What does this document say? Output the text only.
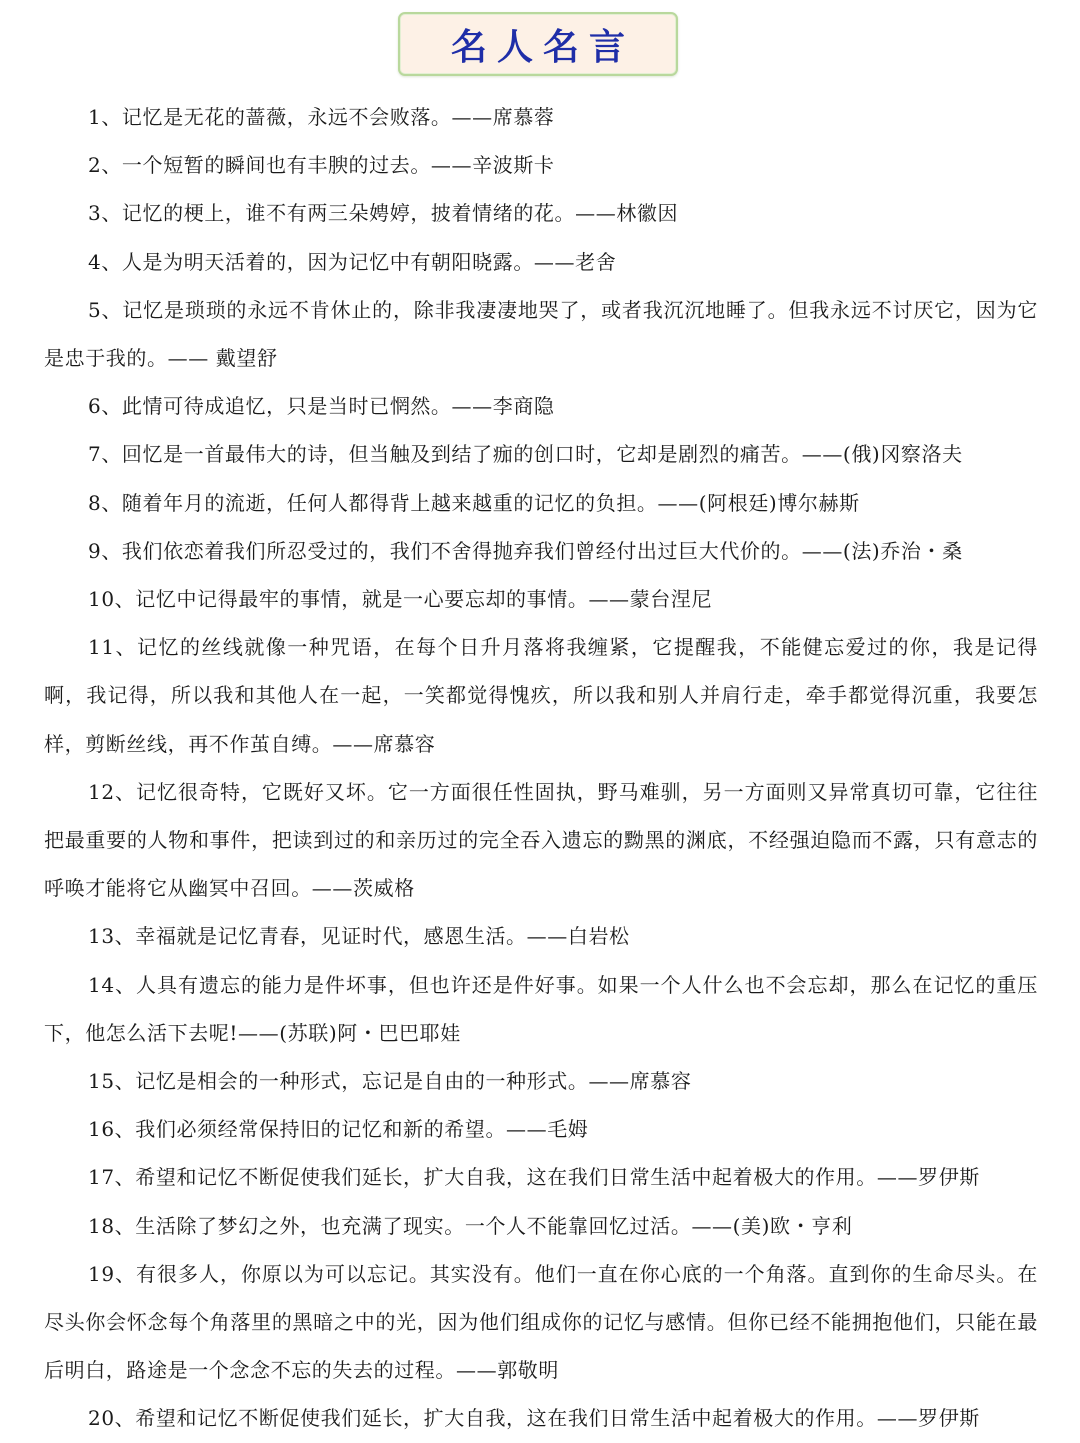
名人名言
1、记忆是无花的蔷薇，永远不会败落。——席慕蓉
2、一个短暂的瞬间也有丰腴的过去。——辛波斯卡
3、记忆的梗上，谁不有两三朵娉婷，披着情绪的花。——林徽因
4、人是为明天活着的，因为记忆中有朝阳晓露。——老舍
5、记忆是琐琐的永远不肯休止的，除非我凄凄地哭了，或者我沉沉地睡了。但我永远不讨厌它，因为它是忠于我的。—— 戴望舒
6、此情可待成追忆，只是当时已惘然。——李商隐
7、回忆是一首最伟大的诗，但当触及到结了痂的创口时，它却是剧烈的痛苦。——(俄)冈察洛夫
8、随着年月的流逝，任何人都得背上越来越重的记忆的负担。——(阿根廷)博尔赫斯
9、我们依恋着我们所忍受过的，我们不舍得抛弃我们曾经付出过巨大代价的。——(法)乔治・桑
10、记忆中记得最牢的事情，就是一心要忘却的事情。——蒙台涅尼
11、记忆的丝线就像一种咒语，在每个日升月落将我缠紧，它提醒我，不能健忘爱过的你，我是记得啊，我记得，所以我和其他人在一起，一笑都觉得愧疚，所以我和别人并肩行走，牵手都觉得沉重，我要怎样，剪断丝线，再不作茧自缚。——席慕容
12、记忆很奇特，它既好又坏。它一方面很任性固执，野马难驯，另一方面则又异常真切可靠，它往往把最重要的人物和事件，把读到过的和亲历过的完全吞入遗忘的黝黑的渊底，不经强迫隐而不露，只有意志的呼唤才能将它从幽冥中召回。——茨威格
13、幸福就是记忆青春，见证时代，感恩生活。——白岩松
14、人具有遗忘的能力是件坏事，但也许还是件好事。如果一个人什么也不会忘却，那么在记忆的重压下，他怎么活下去呢!——(苏联)阿・巴巴耶娃
15、记忆是相会的一种形式，忘记是自由的一种形式。——席慕容
16、我们必须经常保持旧的记忆和新的希望。——毛姆
17、希望和记忆不断促使我们延长，扩大自我，这在我们日常生活中起着极大的作用。——罗伊斯
18、生活除了梦幻之外，也充满了现实。一个人不能靠回忆过活。——(美)欧・亨利
19、有很多人，你原以为可以忘记。其实没有。他们一直在你心底的一个角落。直到你的生命尽头。在尽头你会怀念每个角落里的黑暗之中的光，因为他们组成你的记忆与感情。但你已经不能拥抱他们，只能在最后明白，路途是一个念念不忘的失去的过程。——郭敬明
20、希望和记忆不断促使我们延长，扩大自我，这在我们日常生活中起着极大的作用。——罗伊斯
